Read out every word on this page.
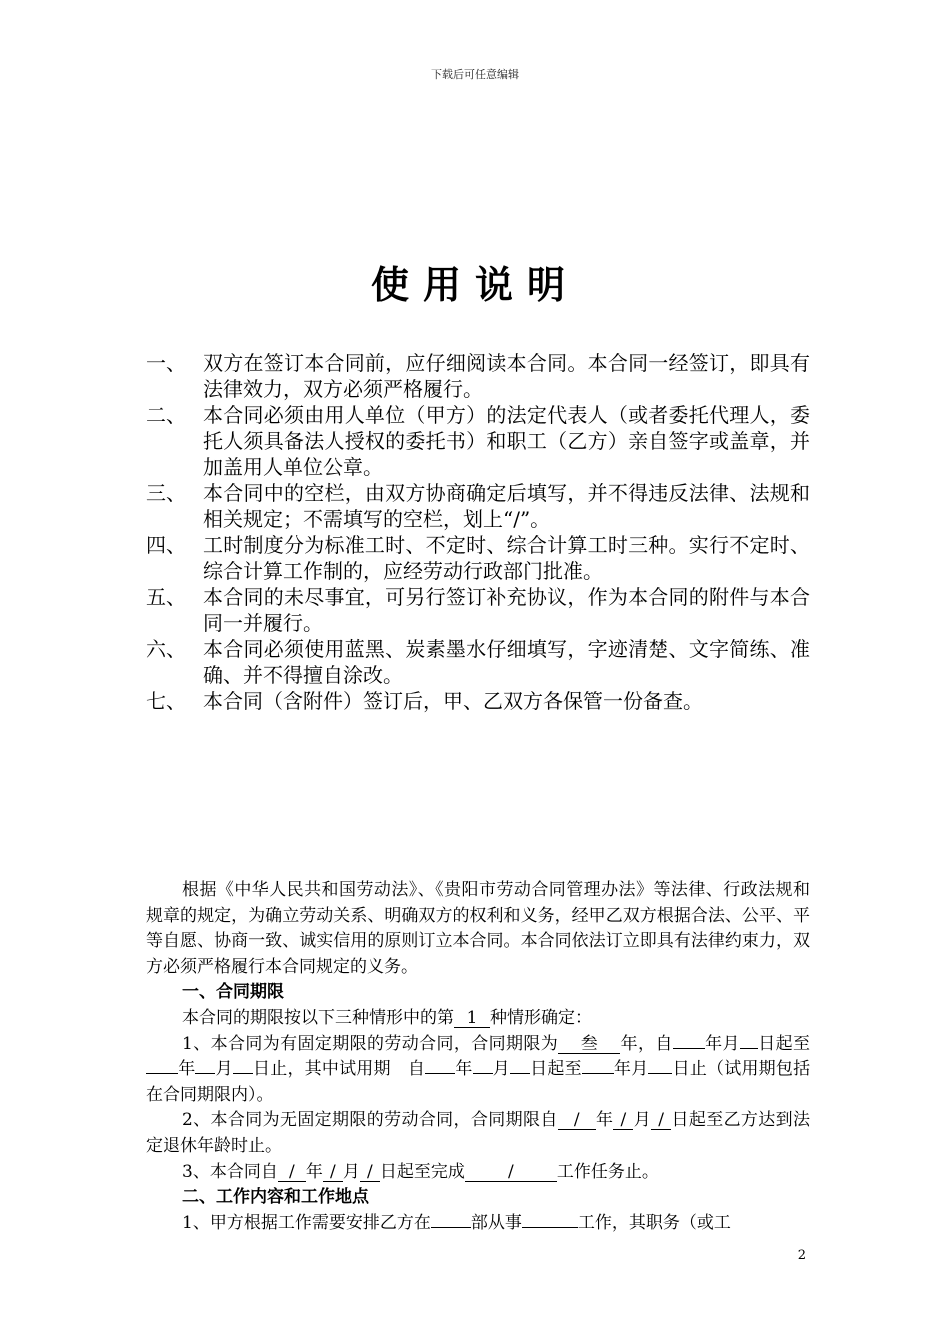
下载后可任意编辑
使用说明
一、 双方在签订本合同前，应仔细阅读本合同。本合同一经签订，即具有法律效力，双方必须严格履行。
二、 本合同必须由用人单位（甲方）的法定代表人（或者委托代理人，委托人须具备法人授权的委托书）和职工（乙方）亲自签字或盖章，并加盖用人单位公章。
三、 本合同中的空栏，由双方协商确定后填写，并不得违反法律、法规和相关规定；不需填写的空栏，划上“/”。
四、 工时制度分为标准工时、不定时、综合计算工时三种。实行不定时、综合计算工作制的，应经劳动行政部门批准。
五、 本合同的未尽事宜，可另行签订补充协议，作为本合同的附件与本合同一并履行。
六、 本合同必须使用蓝黑、炭素墨水仔细填写，字迹清楚、文字简练、准确、并不得擅自涂改。
七、 本合同（含附件）签订后，甲、乙双方各保管一份备查。

根据《中华人民共和国劳动法》、《贵阳市劳动合同管理办法》等法律、行政法规和规章的规定，为确立劳动关系、明确双方的权利和义务，经甲乙双方根据合法、公平、平等自愿、协商一致、诚实信用的原则订立本合同。本合同依法订立即具有法律约束力，双方必须严格履行本合同规定的义务。

一、合同期限

本合同的期限按以下三种情形中的第 1 种情形确定：

1、本合同为有固定期限的劳动合同，合同期限为 叁 年，自 年月 日起至年 月 日止，其中试用期　自 年 月 日起至 年月 日止（试用期包括在合同期限内）。

2、本合同为无固定期限的劳动合同，合同期限自 / 年 / 月 / 日起至乙方达到法定退休年龄时止。

3、本合同自 / 年 / 月 / 日起至完成	/	工作任务止。

二、工作内容和工作地点

1、甲方根据工作需要安排乙方在 部从事	工作，其职务（或工

2
